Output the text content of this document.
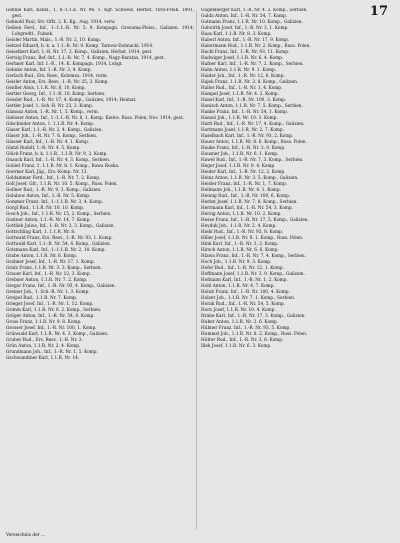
17

Gehnle Karl, Kanzl., 1. 8.-1.1.E. Nr. 96. 1. Kgr. Schweiz, Herbst. Tirol-Freib. 1891, gest.

Gehnold Paul, Stv.-Offz. 2. K. Kg., Aug. 1914, verw.

Geiben Ferd., Inf., 1.-1.1.-R. Nr. 5. 9. Kompagn. Grosuma-Pleiss., Galizien. 1914; Lobgredtl., Fulnek.

Geisler Martin, Mais., 1.-R. Nr. 2, 10. Komp.

Geitzel Eduard, b. k. a. 1.1.-R. Nr. 9. Komp. Tarnow-Dohnacki. 1914.

Geiselbert Karl, 1.-R. Nr. 17, 2. Komp., Galizien, Herbst. 1914, gest.

Gerwig Franz, Ref.-Inf., 1.1.-R. Nr. 7, 4. Komp., Nagy-Baratas, 1914, gest.

Gerhner Karl, Inf. 1.-R., 14. K. Kompagn. 1914, Lobgr.

Gehnke Anton, Inf. 1.-R. Nr. 3, 4. Komp.

Gerlach Rud., Ers. Resv., Kolomea, 1914, verm.

Geisler Anton, Ers. Resv., 1.-R. Nr. 25, 3. Komp.

Geidler Alois, 1.1.R. Nr. 8, 10. Komp.

Gertler Georg, Inf., 1.1.-R. 10. Komp. Serbien.

Gessler Rud., 1.-R. Nr. 17, 4. Komp., Galizien, 1914; Heimat.

Gettler Josef, 1. Sch.-R. Nr. 23, 2. Komp.

Gianusz Anton, 1.-R. Nr. 1, 5. Komp., verm.

Gieloser Anton, Inf., 1.-1.1.-R. Nr. 8, 1. Komp. Kielce. Russ. Polen, Nov. 1914, gest.

Gilschnider Anton, 1. 1.1.R. Nr. 4. Komp.

Glaser Karl, 1.1.-R. Nr. 2, 4. Komp., Galizien.

Glaser Joh., 1.-R. Nr. 7. 6. Komp., Serbien.

Glasser Karl, Inf., 1.-R. Nr. 4. 1. Komp.

Glatzl Rudolf, 1.-R. Nr. 4. 5. Komp.

Glück Franz, b. k. 1.1.R., 1.1.R. Nr. 9, 2. Komp.

Gnauck Karl, Inf., 1.-R. Nr. 4, 3. Komp., Serbien.

Gobiet Franz, 1. 1.1.R. Nr. 8. 1. Komp., Rawa Ruska.

Goerner Karl, Jäg., Ers.-Komp. Nr. 13.

Goldammer Ferd., Inf., 1.-R. Nr. 7, 2. Komp.

Goll Josef, Gfr., 1.1.R. Nr. 10. 5. Komp., Russ. Polen.

Gollner Rud., 1.-R. Nr. 9, 3. Komp., Galizien.

Golubow Anton, Inf., 1.-R. Nr. 5. Komp.

Gommer Franz, Inf., 1.-1.1.R. Nr. 3, 4. Komp.

Gorgl Rud., 1.1.R. Nr. 10. 10. Komp.

Gosch Joh., Inf., 1.1.R. Nr. 15, 2. Komp., Serbien.

Gostner Anton, 1.1.-R. Nr. 14, 7. Komp.

Gottlieb Julius, Inf., 1.-R. Nr. 3, 3. Komp., Galizien.

Gottschling Karl, 1. 1.1.R. Nr. 8.

Gottwald Franz, Ers. Resv., 1.-R. Nr. 93, 1. Komp.

Gottwald Karl, 1.1.-R. Nr. 54, 4. Komp., Galizien.

Gotzmann Karl, Inf., 1.-1.1.R. Nr. 2, 10. Komp.

Grabe Anton, 1.1.R. Nr. 6. Komp.

Grabner Josef, Inf., 1.-R. Nr. 17, 1. Komp.

Gratz Franz, 1.1.R. Nr. 3. 3. Komp., Serbien.

Grauer Karl, Inf., 1.-R. Nr. 12, 3. Komp.

Grebner Anton, 1.1.R. Nr. 7. 2. Komp.

Gregor Franz, Inf., 1.-R. Nr. 93, 4. Komp., Galizien.

Greiner Joh., 1. Sch.-R. Nr. 1, 3. Komp.

Greipel Rud., 1.1.R. Nr. 7. Komp.

Grieger Josef, Inf., 1.-R. Nr. 1, 12. Komp.

Grimm Karl, 1.1.R. Nr. 8. 2. Komp., Serbien.

Gröger Anton, Inf., 1.-R. Nr. 54, 6. Komp.

Gross Franz, 1.1.R. Nr. 9. 8. Komp.

Grosser Josef, Inf., 1.-R. Nr. 100, 1. Komp.

Grünwald Karl, 1.1.R. Nr. 4. 3. Komp., Galizien.

Gruber Rud., Ers. Resv., 1.-R. Nr. 3.

Grün Anton, 1.1.R. Nr. 2. 4. Komp.

Grundmann Joh., Inf., 1.-R. Nr. 1, 5. Komp.

Gschwandtner Karl, 1.1.R. Nr. 14.

Gugenberger Karl, 1.-R. Nr. 4. 2. Komp., Serbien.

Gulda Anton, Inf., 1.-R. Nr. 54, 7. Komp.

Gutmann Franz, 1.1.R. Nr. 10. Komp., Galizien.

Gutwirth Josef, Inf., 1.-R. Nr. 3, 1. Komp.

Haas Karl, 1.1.R. Nr. 8. 3. Komp.

Haberl Anton, Inf., 1.-R. Nr. 17, 9. Komp.

Habermann Rud., 1.1.R. Nr. 2. Komp., Russ. Polen.

Hackl Franz, Inf., 1.-R. Nr. 93, 11. Komp.

Hadwiger Josef, 1.1.R. Nr. 6. 4. Komp.

Hafner Karl, Inf., 1.-R. Nr. 7, 2. Komp., Serbien.

Hahn Anton, 1.1.R. Nr. 9. 1. Komp.

Haider Joh., Inf., 1.-R. Nr. 12, 6. Komp.

Hajek Franz, 1.1.R. Nr. 3. 8. Komp., Galizien.

Haller Rud., Inf., 1.-R. Nr. 1, 4. Komp.

Hampel Josef, 1.1.R. Nr. 4. 2. Komp.

Hanel Karl, Inf., 1.-R. Nr. 100, 3. Komp.

Hanisch Anton, 1.1.R. Nr. 7. 5. Komp., Serbien.

Hanke Franz, Inf., 1.-R. Nr. 54, 1. Komp.

Hansel Joh., 1.1.R. Nr. 10. 3. Komp.

Hartl Rud., Inf., 1.-R. Nr. 17, 4. Komp., Galizien.

Hartmann Josef, 1.1.R. Nr. 2. 7. Komp.

Haselbach Karl, Inf., 1.-R. Nr. 93, 2. Komp.

Hauer Anton, 1.1.R. Nr. 8. 6. Komp., Russ. Polen.

Hauke Franz, Inf., 1.-R. Nr. 3, 9. Komp.

Hausner Joh., 1.1.R. Nr. 6. 1. Komp.

Hawel Rud., Inf., 1.-R. Nr. 7, 3. Komp., Serbien.

Heger Josef, 1.1.R. Nr. 9. 4. Komp.

Heider Karl, Inf., 1.-R. Nr. 12, 2. Komp.

Heinz Anton, 1.1.R. Nr. 3. 5. Komp., Galizien.

Heisler Franz, Inf., 1.-R. Nr. 1, 7. Komp.

Hellmann Joh., 1.1.R. Nr. 4. 1. Komp.

Hennig Rud., Inf., 1.-R. Nr. 100, 6. Komp.

Herbst Josef, 1.1.R. Nr. 7. 8. Komp., Serbien.

Herrmann Karl, Inf., 1.-R. Nr. 54, 3. Komp.

Herzig Anton, 1.1.R. Nr. 10. 2. Komp.

Hesse Franz, Inf., 1.-R. Nr. 17, 5. Komp., Galizien.

Heyduk Joh., 1.1.R. Nr. 2. 4. Komp.

Hiebl Rud., Inf., 1.-R. Nr. 93, 8. Komp.

Hiller Josef, 1.1.R. Nr. 8. 1. Komp., Russ. Polen.

Hink Karl, Inf., 1.-R. Nr. 3, 2. Komp.

Hirsch Anton, 1.1.R. Nr. 6. 6. Komp.

Hlawa Franz, Inf., 1.-R. Nr. 7, 4. Komp., Serbien.

Hoch Joh., 1.1.R. Nr. 9. 3. Komp.

Hofer Rud., Inf., 1.-R. Nr. 12, 1. Komp.

Hoffmann Josef, 1.1.R. Nr. 3. 9. Komp., Galizien.

Hofmann Karl, Inf., 1.-R. Nr. 1, 2. Komp.

Hohl Anton, 1.1.R. Nr. 4. 7. Komp.

Holub Franz, Inf., 1.-R. Nr. 100, 4. Komp.

Holzer Joh., 1.1.R. Nr. 7. 1. Komp., Serbien.

Horak Rud., Inf., 1.-R. Nr. 54, 5. Komp.

Horn Josef, 1.1.R. Nr. 10. 4. Komp.

Hrabe Karl, Inf., 1.-R. Nr. 17, 3. Komp., Galizien.

Huber Anton, 1.1.R. Nr. 2. 6. Komp.

Hübner Franz, Inf., 1.-R. Nr. 93, 5. Komp.

Hummel Joh., 1.1.R. Nr. 8. 2. Komp., Russ. Polen.

Hütter Rud., Inf., 1.-R. Nr. 3, 6. Komp.

Illek Josef, 1.1.R. Nr. 6. 3. Komp.

Verzeichnis der ...
